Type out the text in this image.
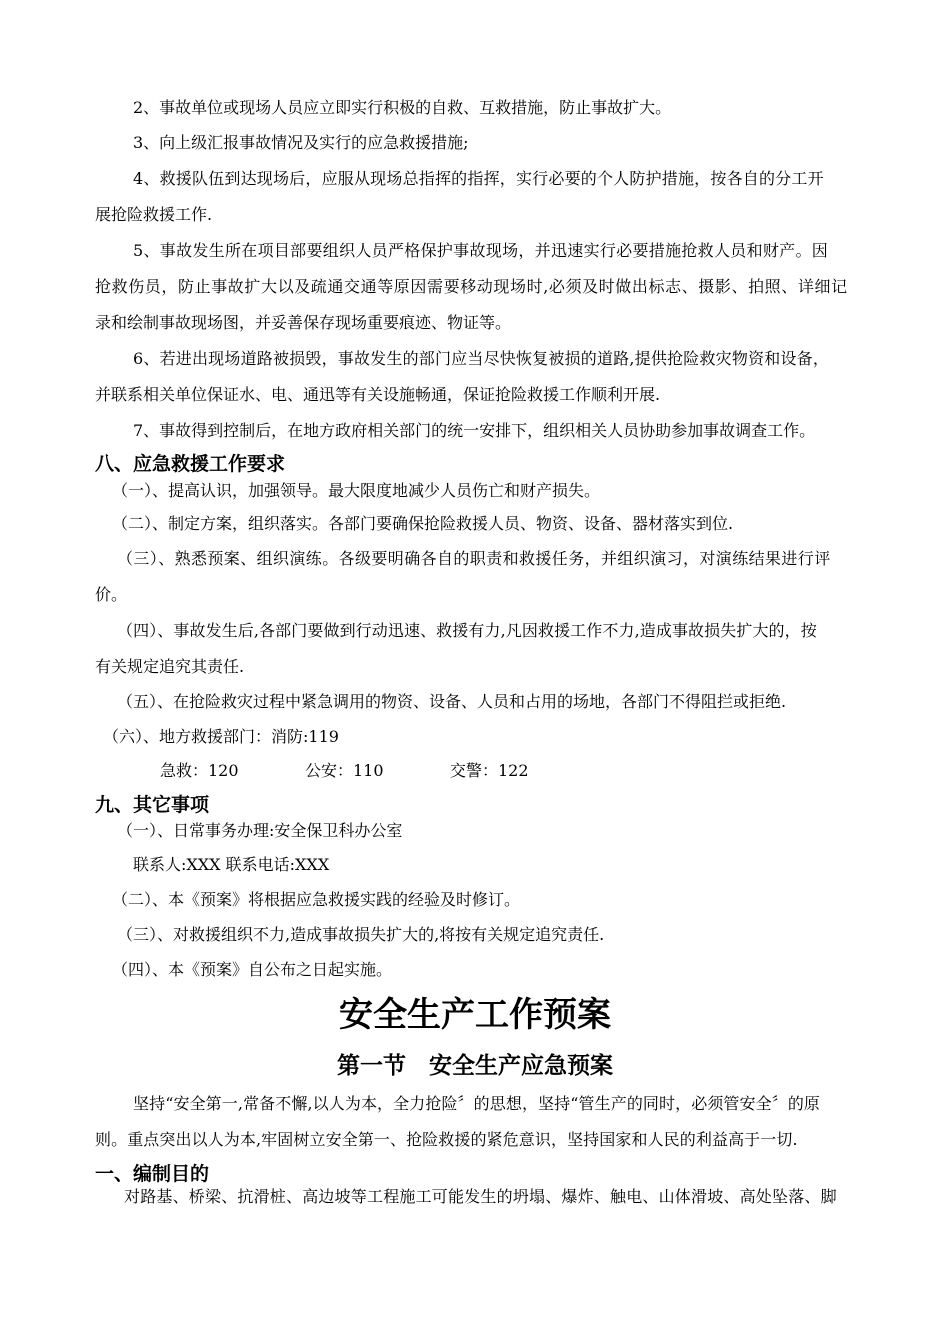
2、事故单位或现场人员应立即实行积极的自救、互救措施，防止事故扩大。

3、向上级汇报事故情况及实行的应急救援措施;

4、救援队伍到达现场后，应服从现场总指挥的指挥，实行必要的个人防护措施，按各自的分工开

展抢险救援工作.

5、事故发生所在项目部要组织人员严格保护事故现场，并迅速实行必要措施抢救人员和财产。因

抢救伤员，防止事故扩大以及疏通交通等原因需要移动现场时,必须及时做出标志、摄影、拍照、详细记

录和绘制事故现场图，并妥善保存现场重要痕迹、物证等。

6、若进出现场道路被损毁，事故发生的部门应当尽快恢复被损的道路,提供抢险救灾物资和设备，

并联系相关单位保证水、电、通迅等有关设施畅通，保证抢险救援工作顺利开展.

7、事故得到控制后，在地方政府相关部门的统一安排下，组织相关人员协助参加事故调查工作。

八、应急救援工作要求

（一）、提高认识，加强领导。最大限度地减少人员伤亡和财产损失。

（二）、制定方案，组织落实。各部门要确保抢险救援人员、物资、设备、器材落实到位.

（三）、熟悉预案、组织演练。各级要明确各自的职责和救援任务，并组织演习，对演练结果进行评

价。

（四）、事故发生后,各部门要做到行动迅速、救援有力,凡因救援工作不力,造成事故损失扩大的，按

有关规定追究其责任.

（五）、在抢险救灾过程中紧急调用的物资、设备、人员和占用的场地，各部门不得阻拦或拒绝.

（六）、地方救援部门：消防:119

急救：120	公安：110	交警：122

九、其它事项

（一）、日常事务办理:安全保卫科办公室

联系人:XXX 联系电话:XXX

（二）、本《预案》将根据应急救援实践的经验及时修订。

（三）、对救援组织不力,造成事故损失扩大的,将按有关规定追究责任.

（四）、本《预案》自公布之日起实施。

安全生产工作预案
第一节　安全生产应急预案

坚持“安全第一,常备不懈,以人为本，全力抢险〞的思想，坚持“管生产的同时，必须管安全〞的原

则。重点突出以人为本,牢固树立安全第一、抢险救援的紧危意识，坚持国家和人民的利益高于一切.

一、编制目的

对路基、桥梁、抗滑桩、高边坡等工程施工可能发生的坍塌、爆炸、触电、山体滑坡、高处坠落、脚
